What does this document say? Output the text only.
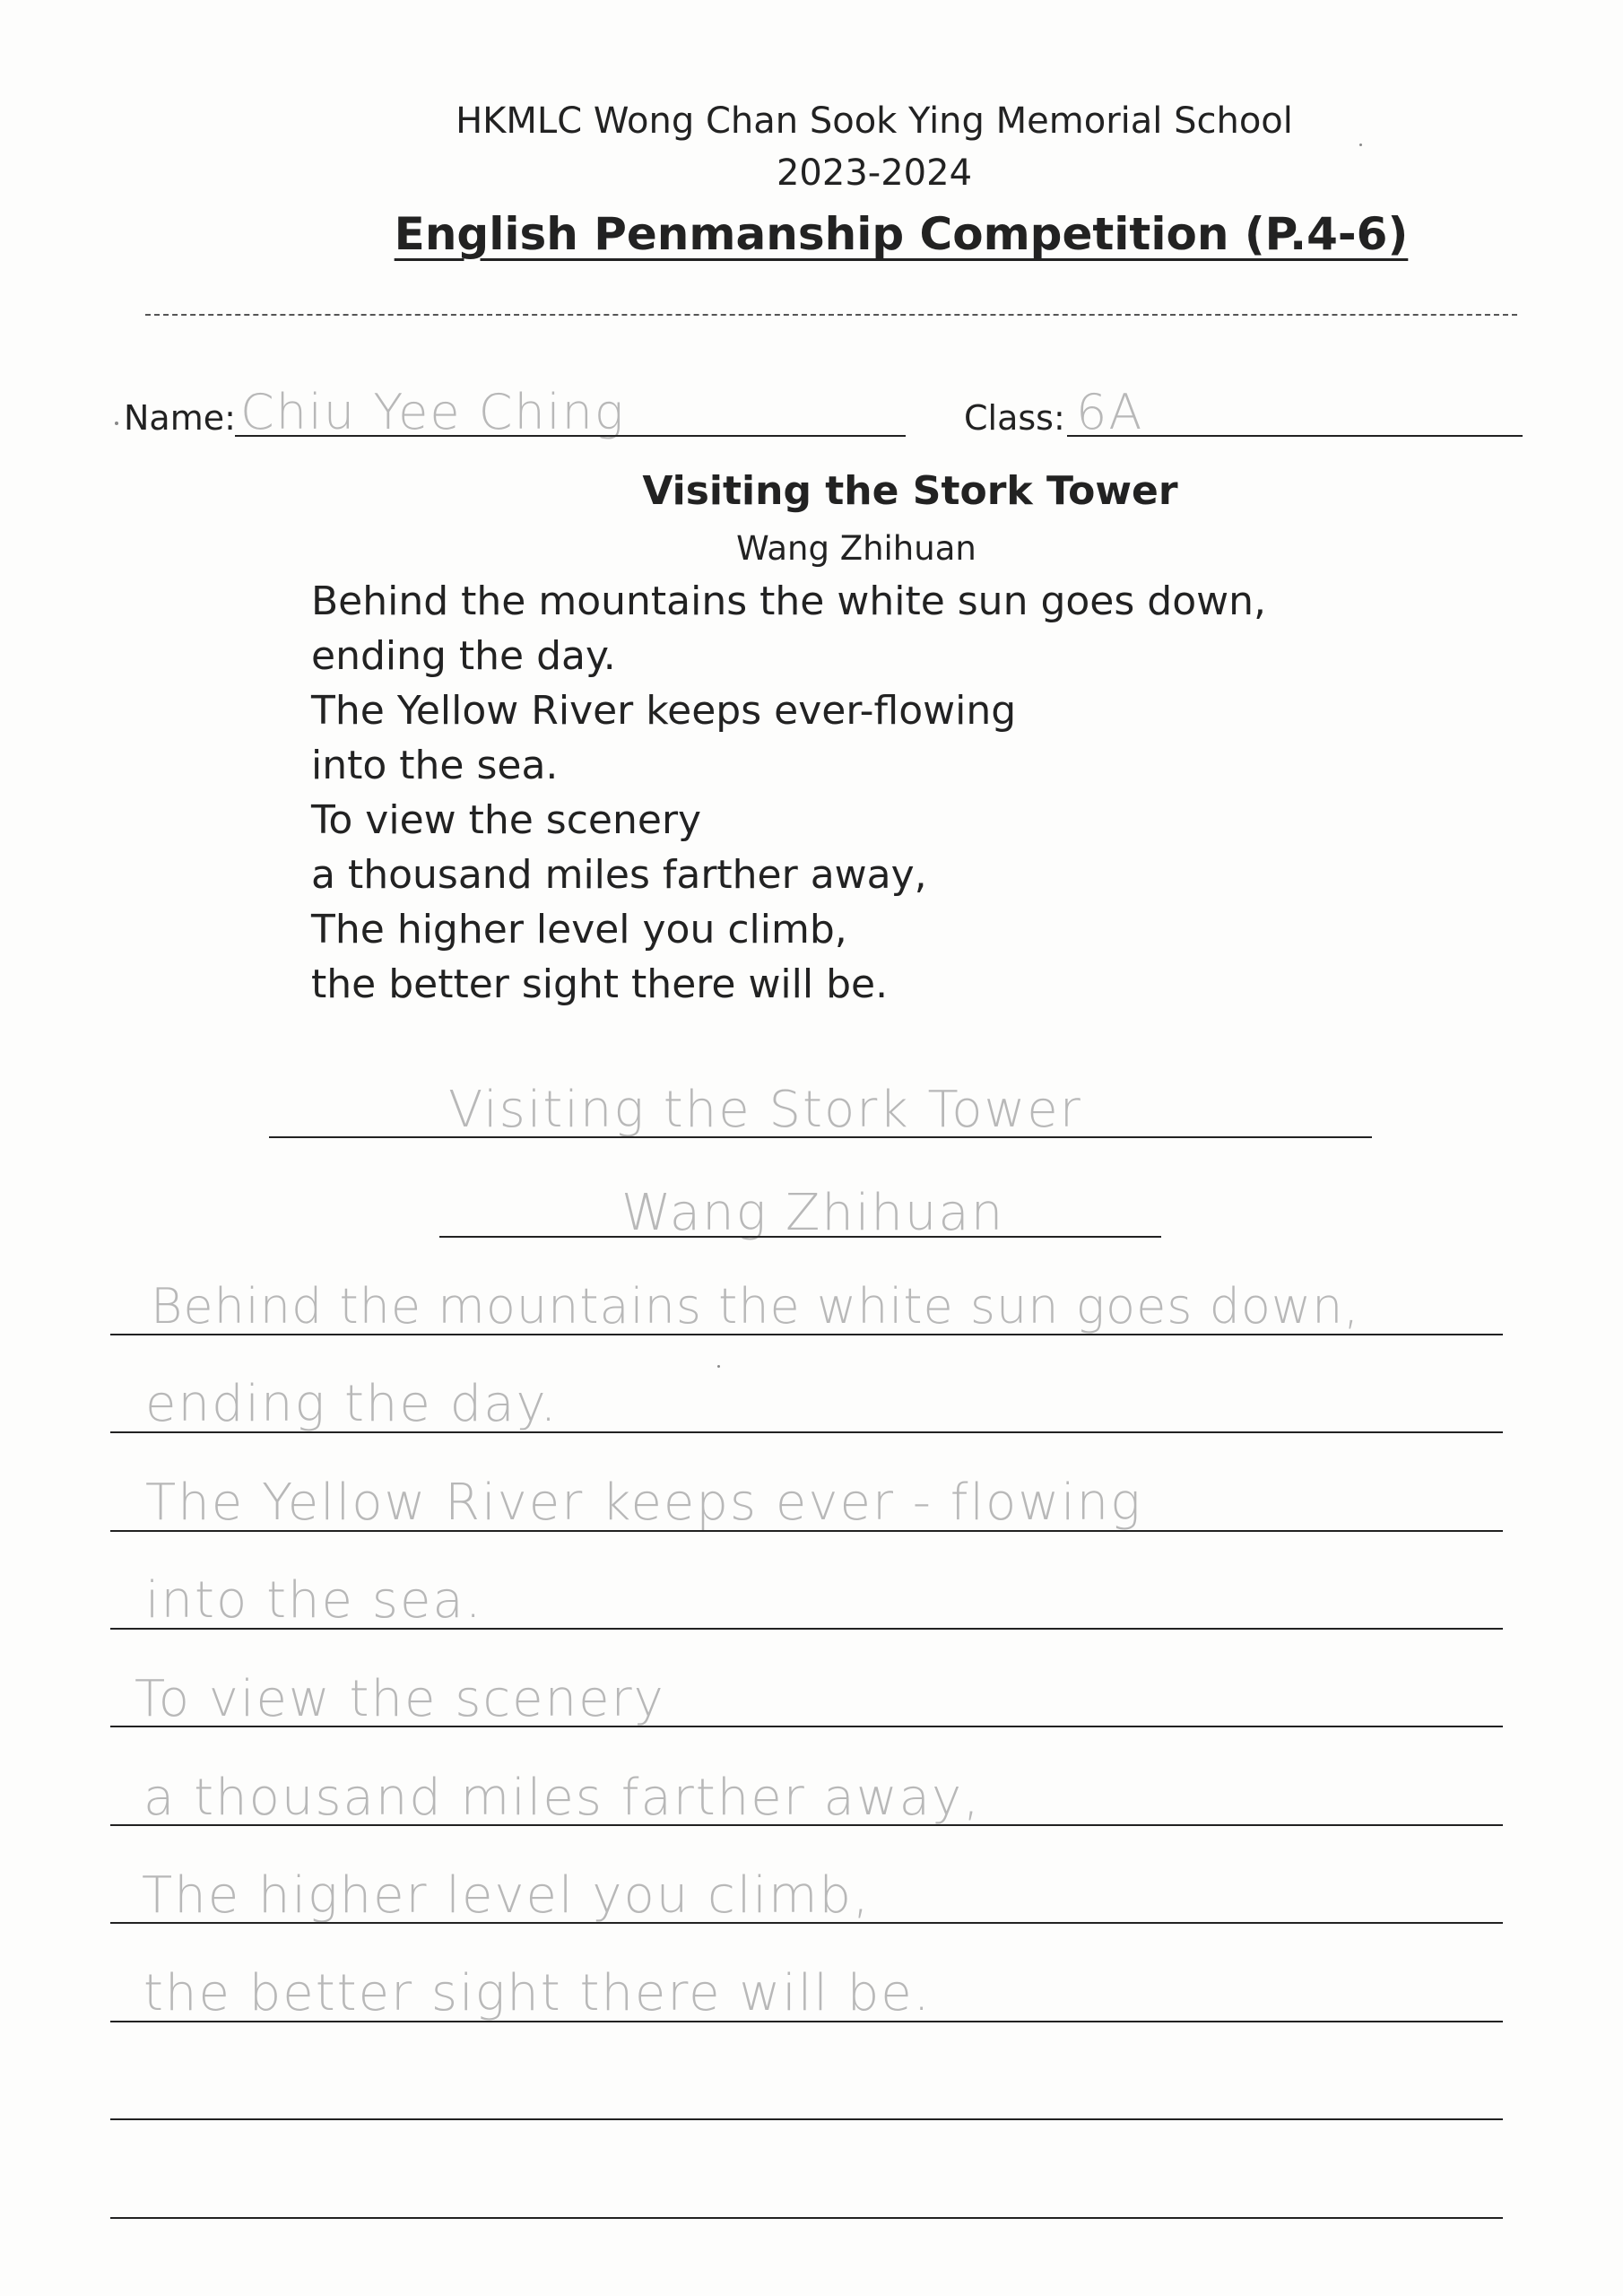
HKMLC Wong Chan Sook Ying Memorial School
2023-2024
English Penmanship Competition (P.4-6)
Name: Chiu Yee Ching	Class: 6A
Visiting the Stork Tower
Wang Zhihuan
Behind the mountains the white sun goes down,
ending the day.
The Yellow River keeps ever-flowing
into the sea.
To view the scenery
a thousand miles farther away,
The higher level you climb,
the better sight there will be.
Visiting the Stork Tower
Wang Zhihuan
Behind the mountains the white sun goes down,
ending the day.
The Yellow River keeps ever - flowing
into the sea.
To view the scenery
a thousand miles farther away,
The higher level you climb,
the better sight there will be.
